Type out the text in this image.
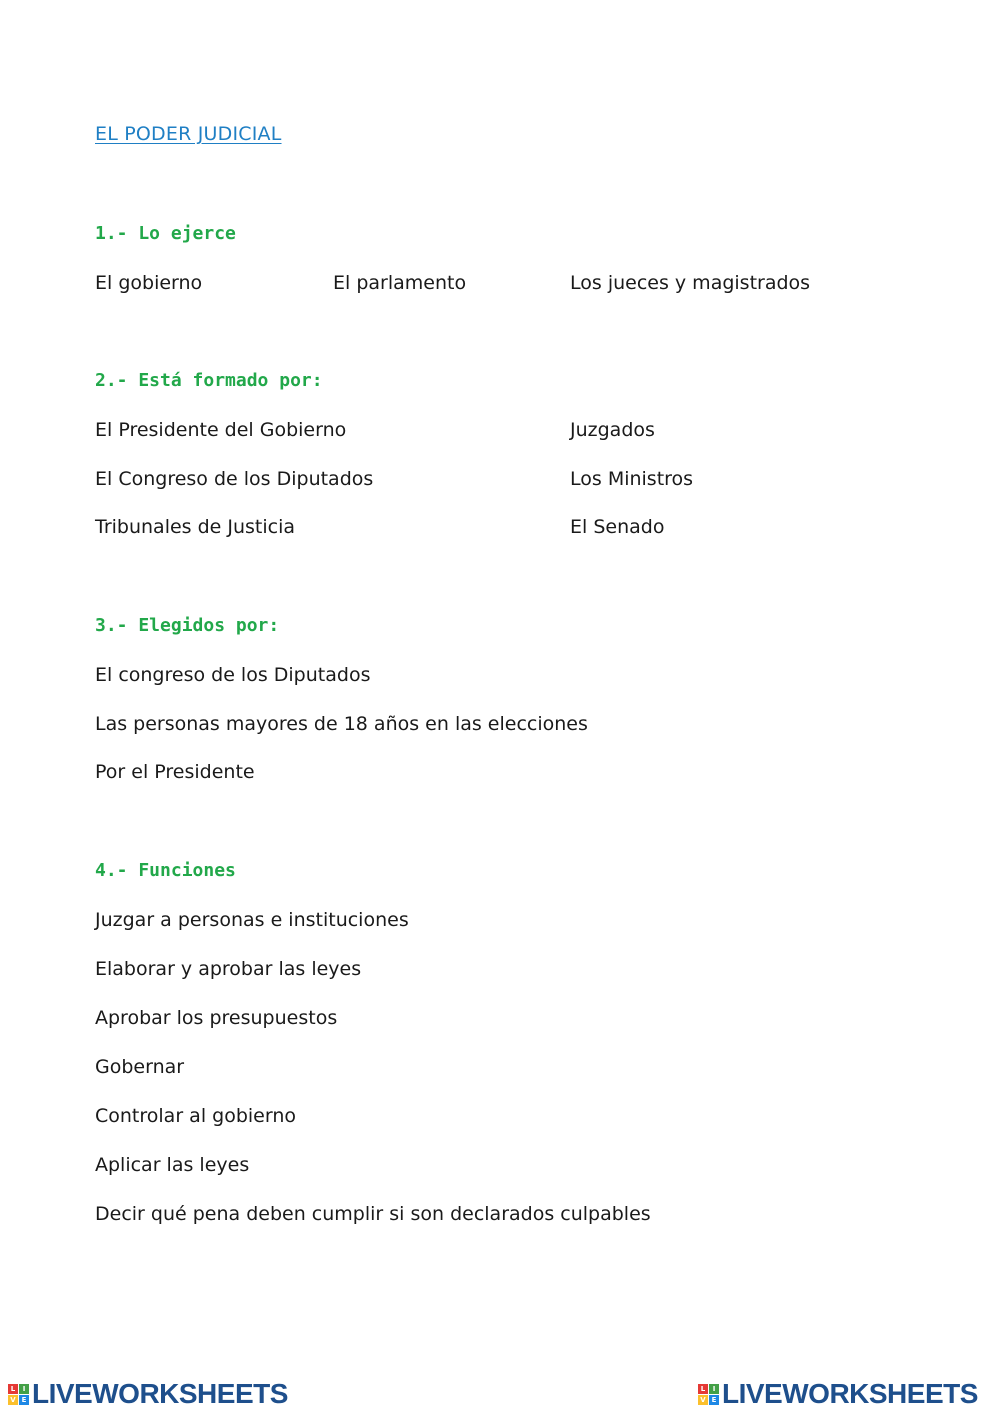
EL PODER JUDICIAL
1.- Lo ejerce
El gobierno	El parlamento	Los jueces y magistrados
2.- Está formado por:
El Presidente del Gobierno	Juzgados
El Congreso de los Diputados	Los Ministros
Tribunales de Justicia	El Senado
3.- Elegidos por:
El congreso de los Diputados
Las personas mayores de 18 años en las elecciones
Por el Presidente
4.- Funciones
Juzgar a personas e instituciones
Elaborar y aprobar las leyes
Aprobar los presupuestos
Gobernar
Controlar al gobierno
Aplicar las leyes
Decir qué pena deben cumplir si son declarados culpables
L	I
V E LIVEWORKSHEETS	L	I
V E LIVEWORKSHEETS
